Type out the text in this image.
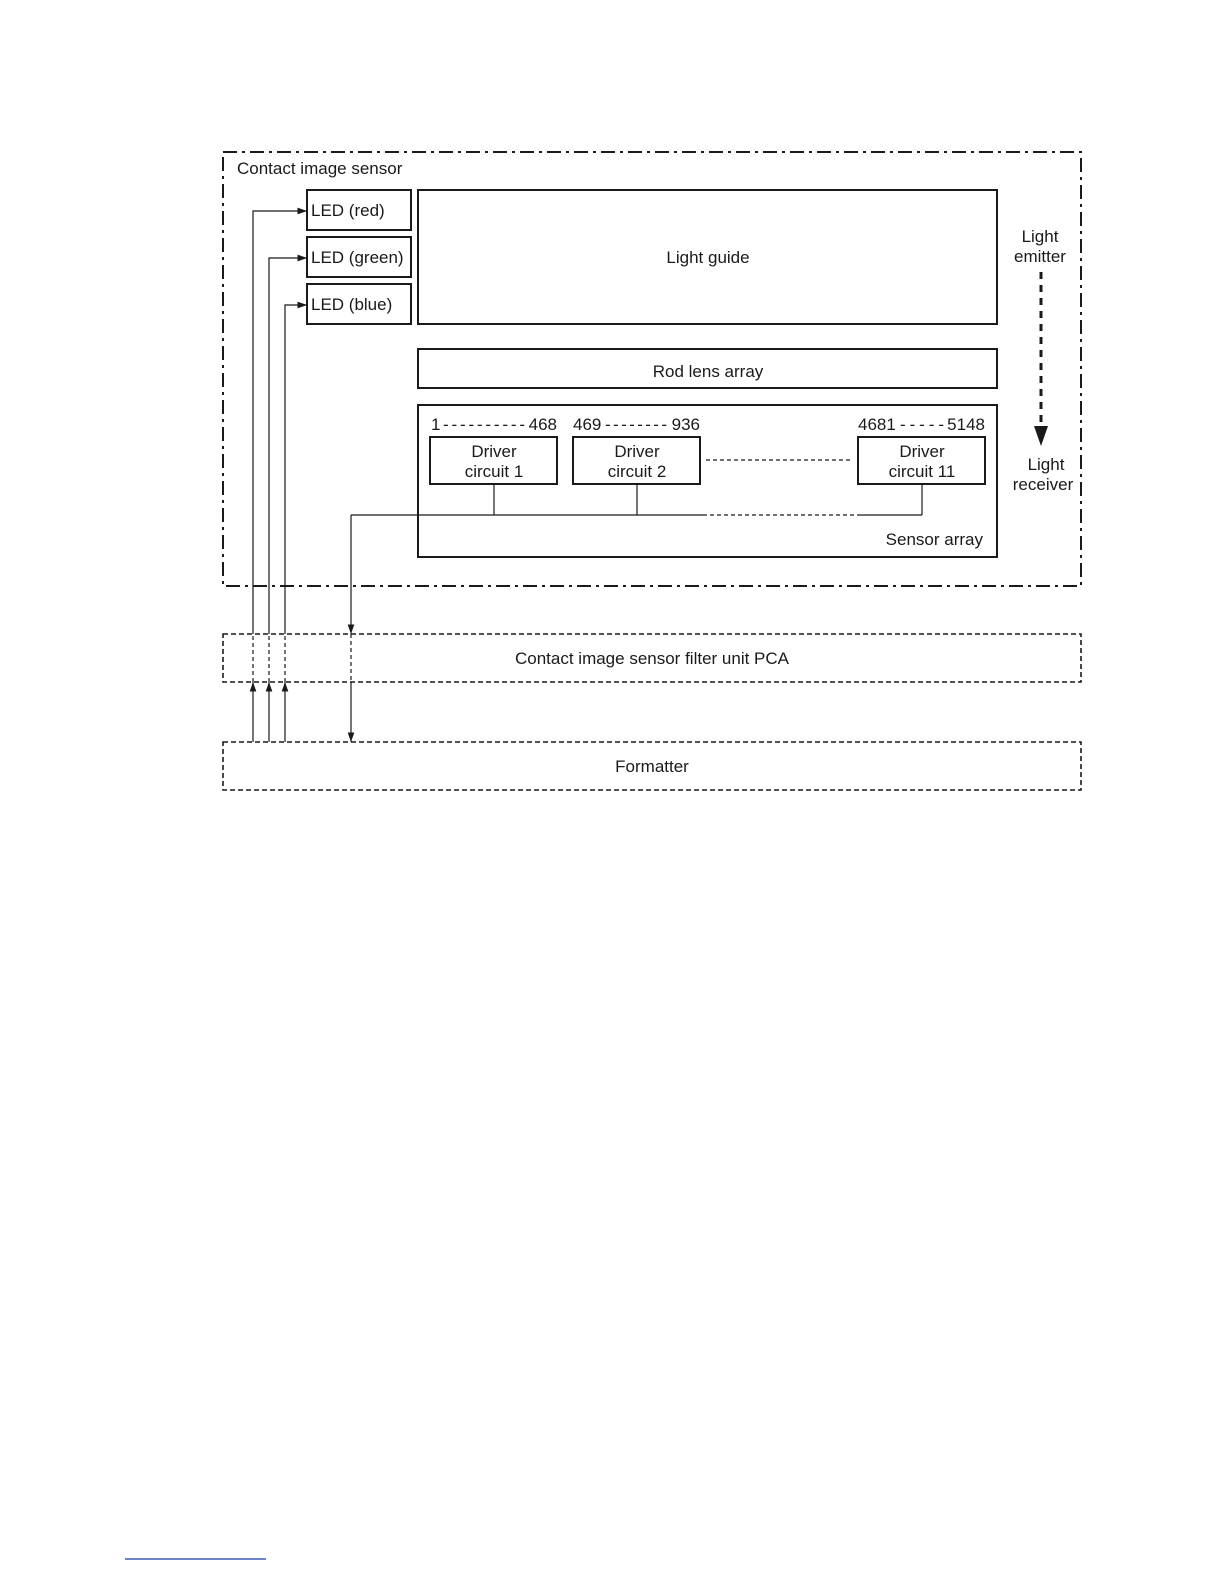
Contact image sensor
LED (red)
LED (green)
LED (blue)
Light guide
Rod lens array
Sensor array
1 ---------- 468 469 -------- 936	4681 ----- 5148
Driver
circuit 1
Driver
circuit 2
Driver
circuit 11
Light
emitter
Light
receiver
Contact image sensor filter unit PCA
Formatter
